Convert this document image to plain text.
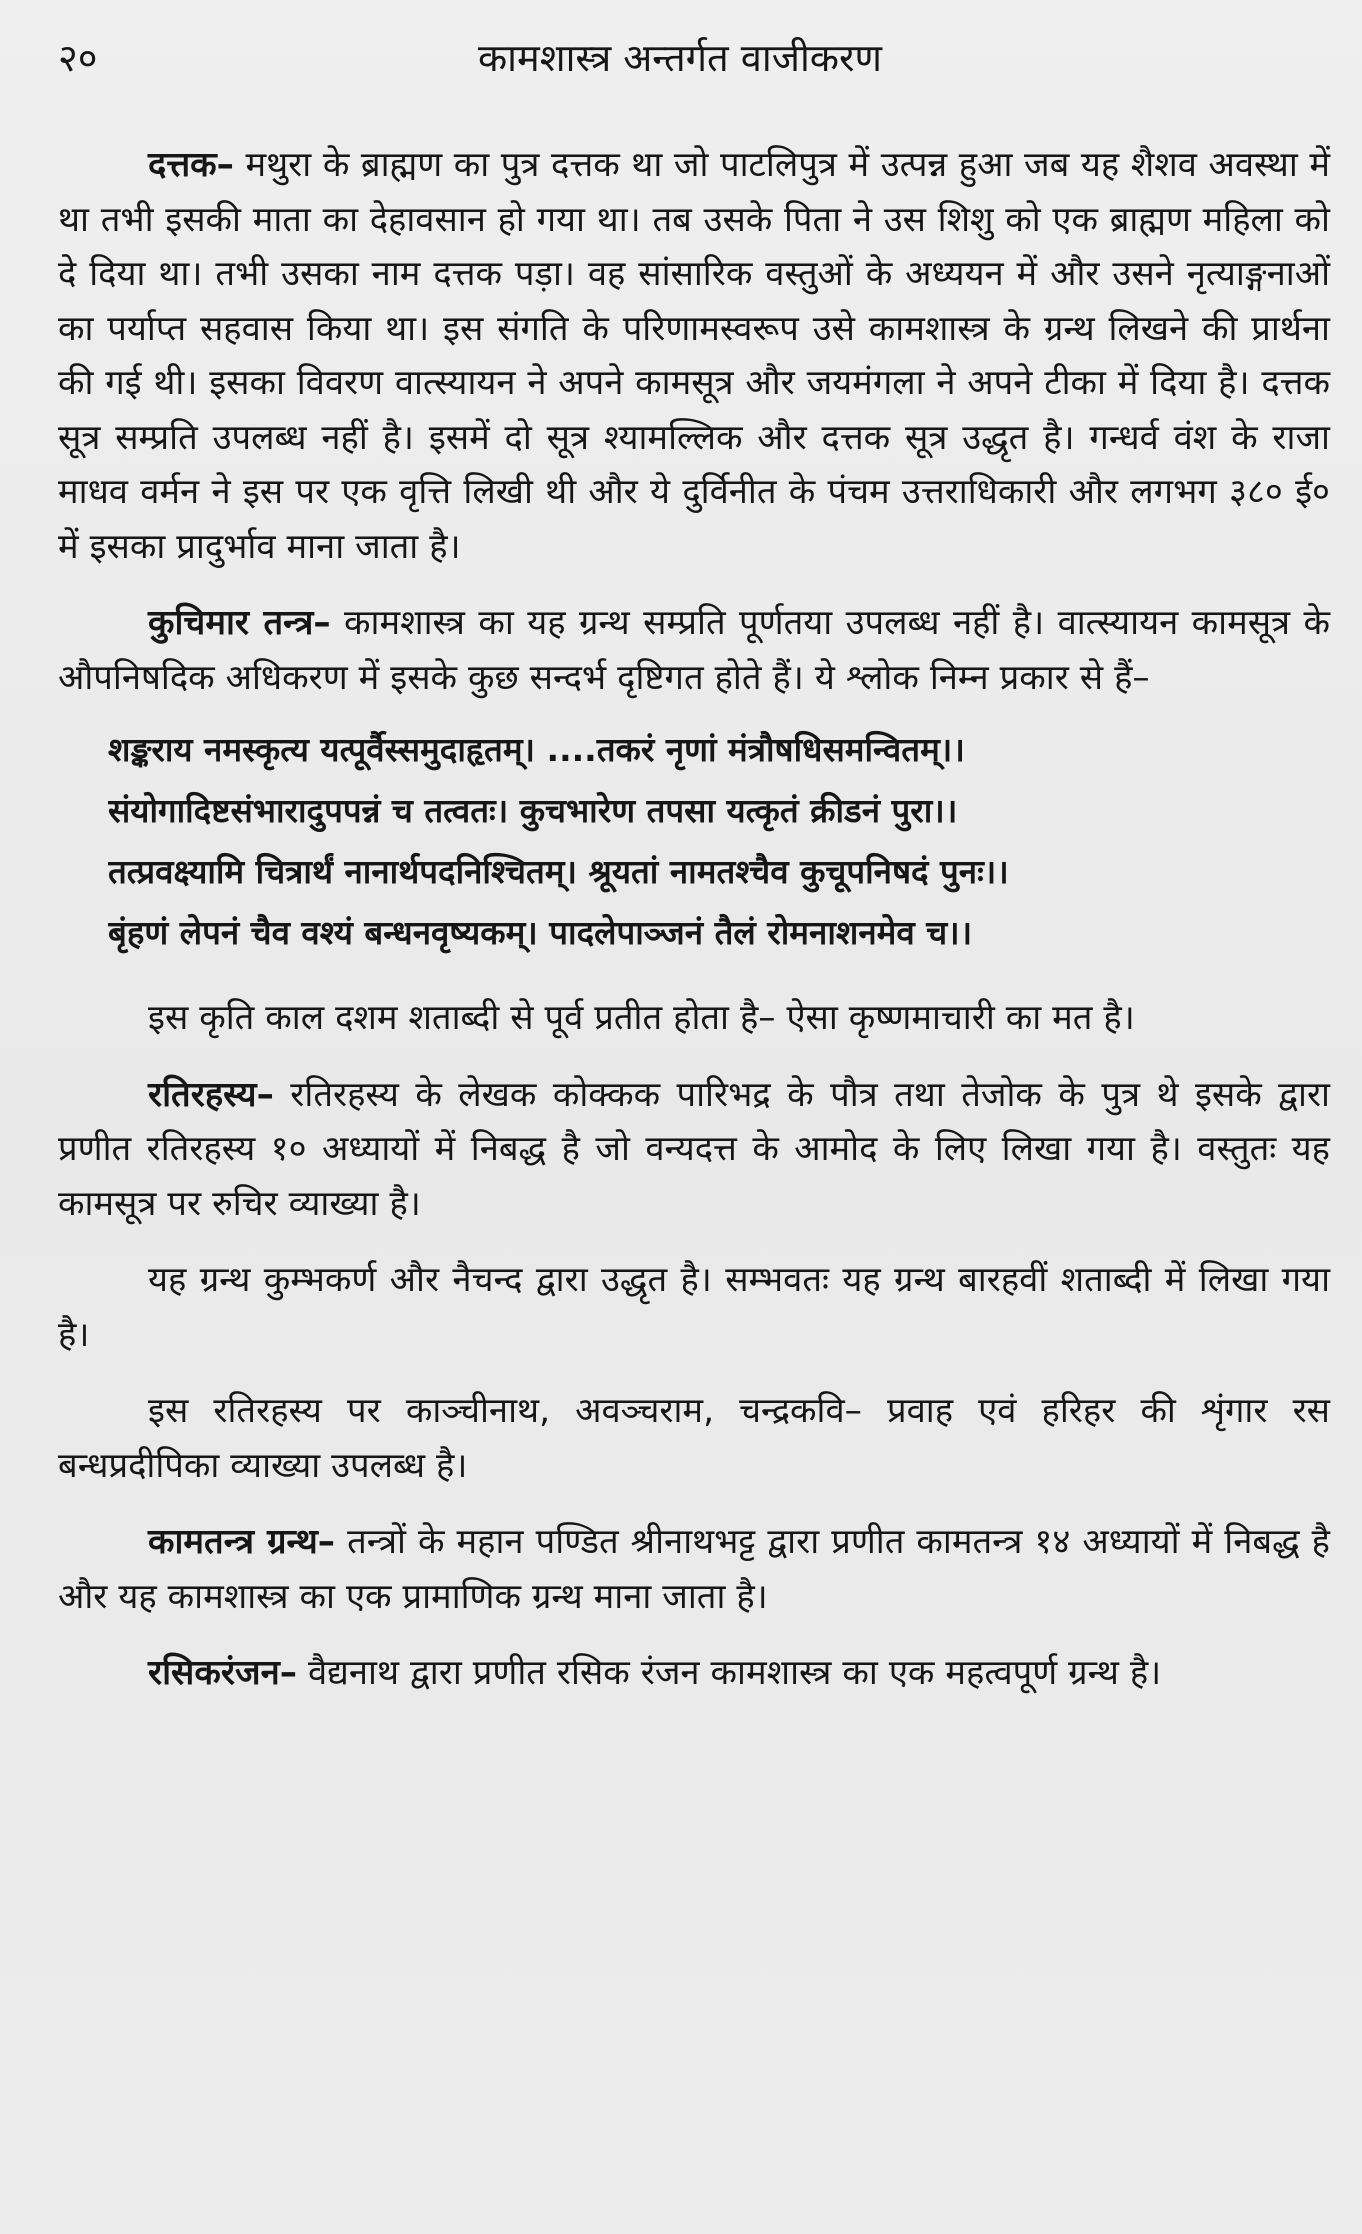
२०	कामशास्त्र अन्तर्गत वाजीकरण

दत्तक– मथुरा के ब्राह्मण का पुत्र दत्तक था जो पाटलिपुत्र में उत्पन्न हुआ जब यह शैशव अवस्था में था तभी इसकी माता का देहावसान हो गया था। तब उसके पिता ने उस शिशु को एक ब्राह्मण महिला को दे दिया था। तभी उसका नाम दत्तक पड़ा। वह सांसारिक वस्तुओं के अध्ययन में और उसने नृत्याङ्गनाओं का पर्याप्त सहवास किया था। इस संगति के परिणामस्वरूप उसे कामशास्त्र के ग्रन्थ लिखने की प्रार्थना की गई थी। इसका विवरण वात्स्यायन ने अपने कामसूत्र और जयमंगला ने अपने टीका में दिया है। दत्तक सूत्र सम्प्रति उपलब्ध नहीं है। इसमें दो सूत्र श्यामल्लिक और दत्तक सूत्र उद्धृत है। गन्धर्व वंश के राजा माधव वर्मन ने इस पर एक वृत्ति लिखी थी और ये दुर्विनीत के पंचम उत्तराधिकारी और लगभग ३८० ई० में इसका प्रादुर्भाव माना जाता है।

कुचिमार तन्त्र– कामशास्त्र का यह ग्रन्थ सम्प्रति पूर्णतया उपलब्ध नहीं है। वात्स्यायन कामसूत्र के औपनिषदिक अधिकरण में इसके कुछ सन्दर्भ दृष्टिगत होते हैं। ये श्लोक निम्न प्रकार से हैं–

शङ्कराय नमस्कृत्य यत्पूर्वैस्समुदाहृतम्। ....तकरं नृणां मंत्रौषधिसमन्वितम्।।
संयोगादिष्टसंभारादुपपन्नं च तत्वतः। कुचभारेण तपसा यत्कृतं क्रीडनं पुरा।।
तत्प्रवक्ष्यामि चित्रार्थं नानार्थपदनिश्चितम्। श्रूयतां नामतश्चैव कुचूपनिषदं पुनः।।
बृंहणं लेपनं चैव वश्यं बन्धनवृष्यकम्। पादलेपाञ्जनं तैलं रोमनाशनमेव च।।

इस कृति काल दशम शताब्दी से पूर्व प्रतीत होता है– ऐसा कृष्णमाचारी का मत है।

रतिरहस्य– रतिरहस्य के लेखक कोक्कक पारिभद्र के पौत्र तथा तेजोक के पुत्र थे इसके द्वारा प्रणीत रतिरहस्य १० अध्यायों में निबद्ध है जो वन्यदत्त के आमोद के लिए लिखा गया है। वस्तुतः यह कामसूत्र पर रुचिर व्याख्या है।

यह ग्रन्थ कुम्भकर्ण और नैचन्द द्वारा उद्धृत है। सम्भवतः यह ग्रन्थ बारहवीं शताब्दी में लिखा गया है।

इस रतिरहस्य पर काञ्चीनाथ, अवञ्चराम, चन्द्रकवि– प्रवाह एवं हरिहर की शृंगार रस बन्धप्रदीपिका व्याख्या उपलब्ध है।

कामतन्त्र ग्रन्थ– तन्त्रों के महान पण्डित श्रीनाथभट्ट द्वारा प्रणीत कामतन्त्र १४ अध्यायों में निबद्ध है और यह कामशास्त्र का एक प्रामाणिक ग्रन्थ माना जाता है।

रसिकरंजन– वैद्यनाथ द्वारा प्रणीत रसिक रंजन कामशास्त्र का एक महत्वपूर्ण ग्रन्थ है।
